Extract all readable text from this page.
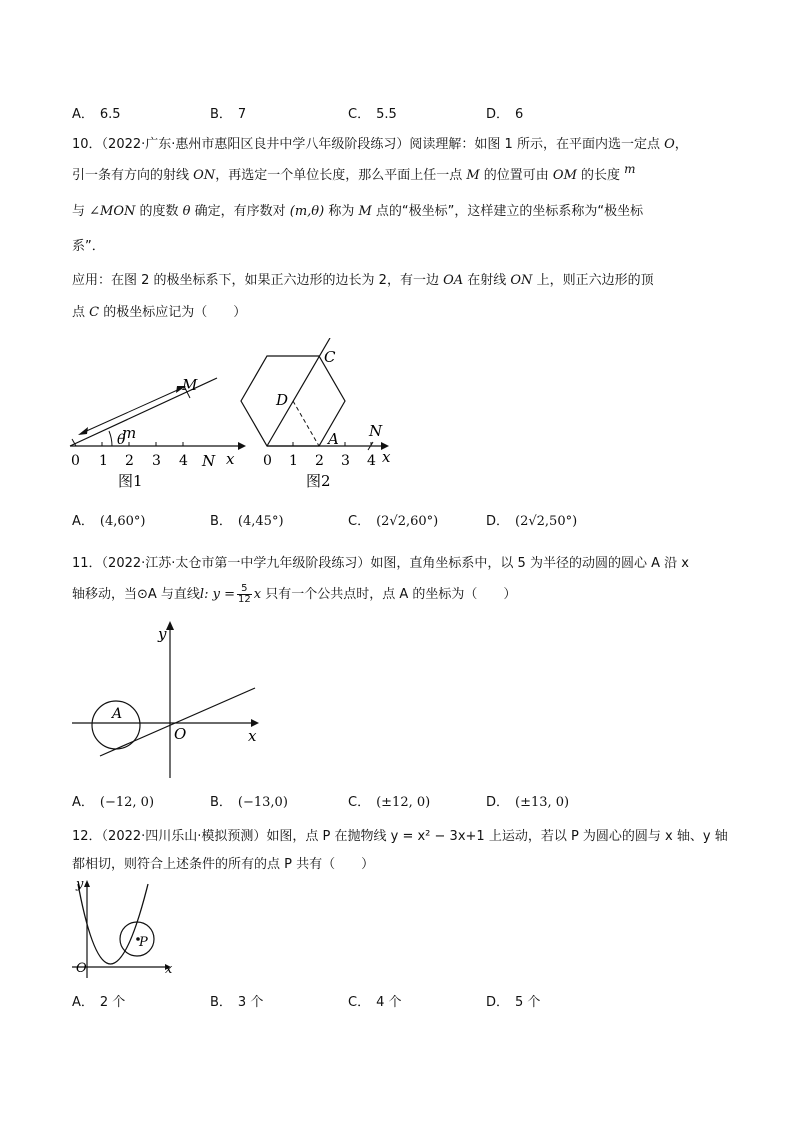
A． 6.5	B． 7	C． 5.5	D． 6
10．（2022·广东·惠州市惠阳区良井中学八年级阶段练习）阅读理解：如图 1 所示，在平面内选一定点 O，
引一条有方向的射线 ON，再选定一个单位长度，那么平面上任一点 M 的位置可由 OM 的长度 m
与 ∠MON 的度数 θ 确定，有序数对 (m,θ) 称为 M 点的“极坐标”，这样建立的坐标系称为“极坐标
系”．
应用：在图 2 的极坐标系下，如果正六边形的边长为 2，有一边 OA 在射线 ON 上，则正六边形的顶
点 C 的极坐标应记为（　　）
M
m
θ
N x
0 1 2 3 4
图1
C
D
A N
x
0 1 2 3 4
图2
A． (4,60°)	B． (4,45°)	C． (2√2,60°)	D． (2√2,50°)
11．（2022·江苏·太仓市第一中学九年级阶段练习）如图，直角坐标系中，以 5 为半径的动圆的圆心 A 沿 x
轴移动，当⊙A 与直线l: $y = \frac{5}{12}$ x 只有一个公共点时，点 A 的坐标为（　　）
y
x
O
A
A． (−12, 0)	B． (−13,0)	C． (±12, 0)	D． (±13, 0)
12．（2022·四川乐山·模拟预测）如图，点 P 在抛物线 y = x² − 3x+1 上运动，若以 P 为圆心的圆与 x 轴、y 轴
都相切，则符合上述条件的所有的点 P 共有（　　）
y
x
O
P
A． 2 个	B． 3 个	C． 4 个	D． 5 个
